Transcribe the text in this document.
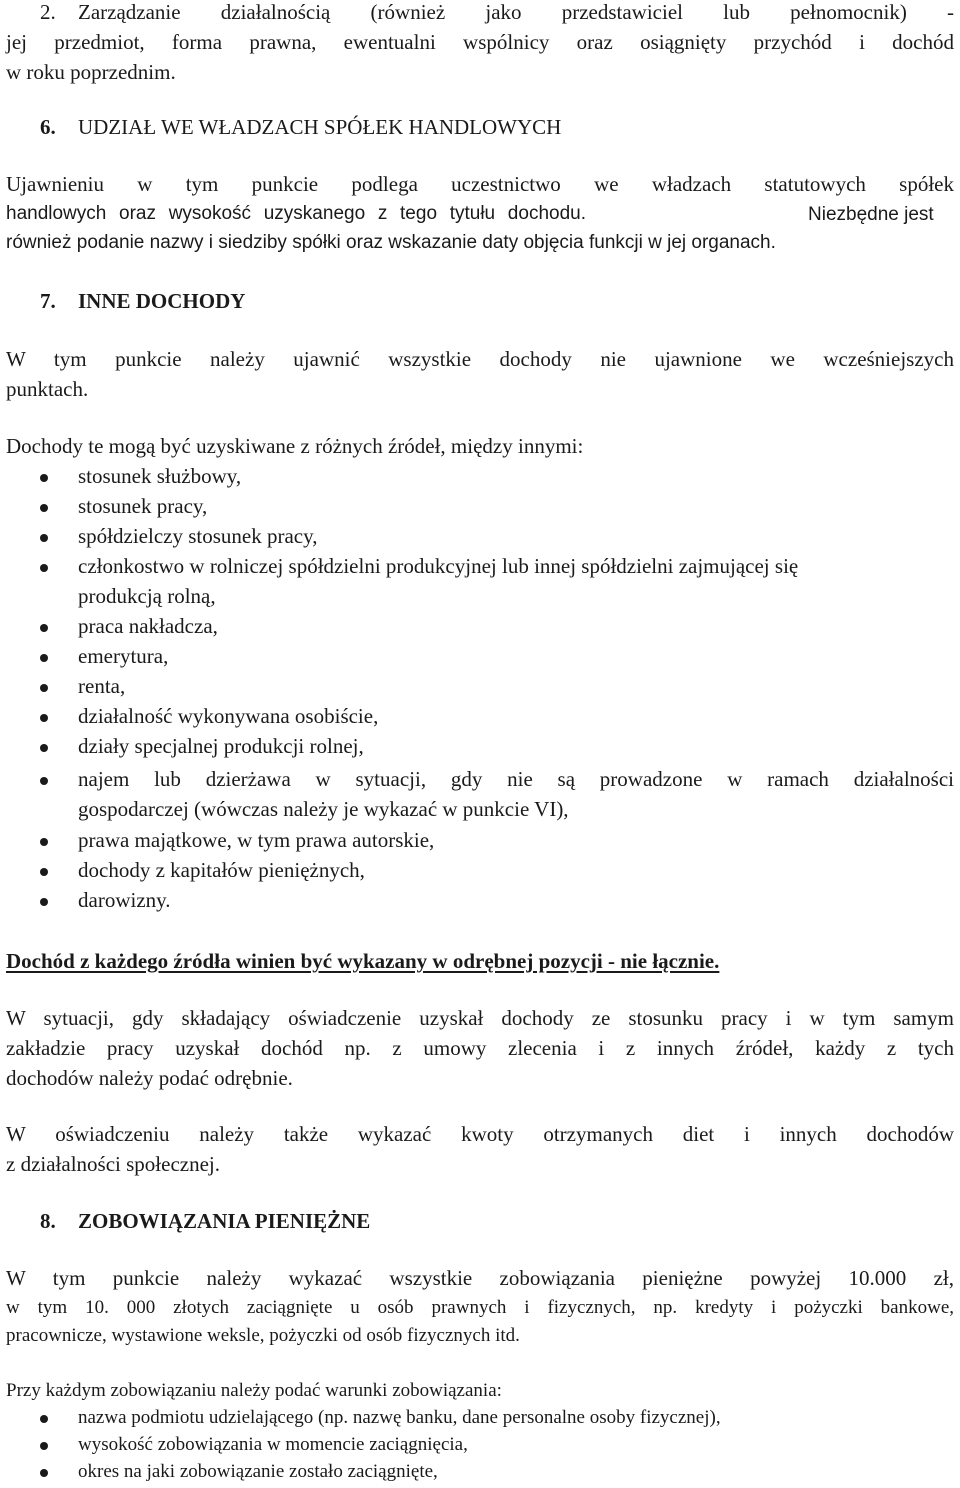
2. Zarządzanie działalnością (również jako przedstawiciel lub pełnomocnik) -
jej przedmiot, forma prawna, ewentualni wspólnicy oraz osiągnięty przychód i dochód
w roku poprzednim.
6. UDZIAŁ WE WŁADZACH SPÓŁEK HANDLOWYCH
Ujawnieniu w tym punkcie podlega uczestnictwo we władzach statutowych spółek
handlowych oraz wysokość uzyskanego z tego tytułu dochodu.	Niezbędne jest
również podanie nazwy i siedziby spółki oraz wskazanie daty objęcia funkcji w jej organach.
7. INNE DOCHODY
W tym punkcie należy ujawnić wszystkie dochody nie ujawnione we wcześniejszych
punktach.
Dochody te mogą być uzyskiwane z różnych źródeł, między innymi:
stosunek służbowy,
stosunek pracy,
spółdzielczy stosunek pracy,
członkostwo w rolniczej spółdzielni produkcyjnej lub innej spółdzielni zajmującej się
produkcją rolną,
praca nakładcza,
emerytura,
renta,
działalność wykonywana osobiście,
działy specjalnej produkcji rolnej,
najem lub dzierżawa w sytuacji, gdy nie są prowadzone w ramach działalności
gospodarczej (wówczas należy je wykazać w punkcie VI),
prawa majątkowe, w tym prawa autorskie,
dochody z kapitałów pieniężnych,
darowizny.
Dochód z każdego źródła winien być wykazany w odrębnej pozycji - nie łącznie.
W sytuacji, gdy składający oświadczenie uzyskał dochody ze stosunku pracy i w tym samym
zakładzie pracy uzyskał dochód np. z umowy zlecenia i z innych źródeł, każdy z tych
dochodów należy podać odrębnie.
W oświadczeniu należy także wykazać kwoty otrzymanych diet i innych dochodów
z działalności społecznej.
8. ZOBOWIĄZANIA PIENIĘŻNE
W tym punkcie należy wykazać wszystkie zobowiązania pieniężne powyżej 10.000 zł,
w tym 10. 000 złotych zaciągnięte u osób prawnych i fizycznych, np. kredyty i pożyczki bankowe,
pracownicze, wystawione weksle, pożyczki od osób fizycznych itd.
Przy każdym zobowiązaniu należy podać warunki zobowiązania:
nazwa podmiotu udzielającego (np. nazwę banku, dane personalne osoby fizycznej),
wysokość zobowiązania w momencie zaciągnięcia,
okres na jaki zobowiązanie zostało zaciągnięte,
